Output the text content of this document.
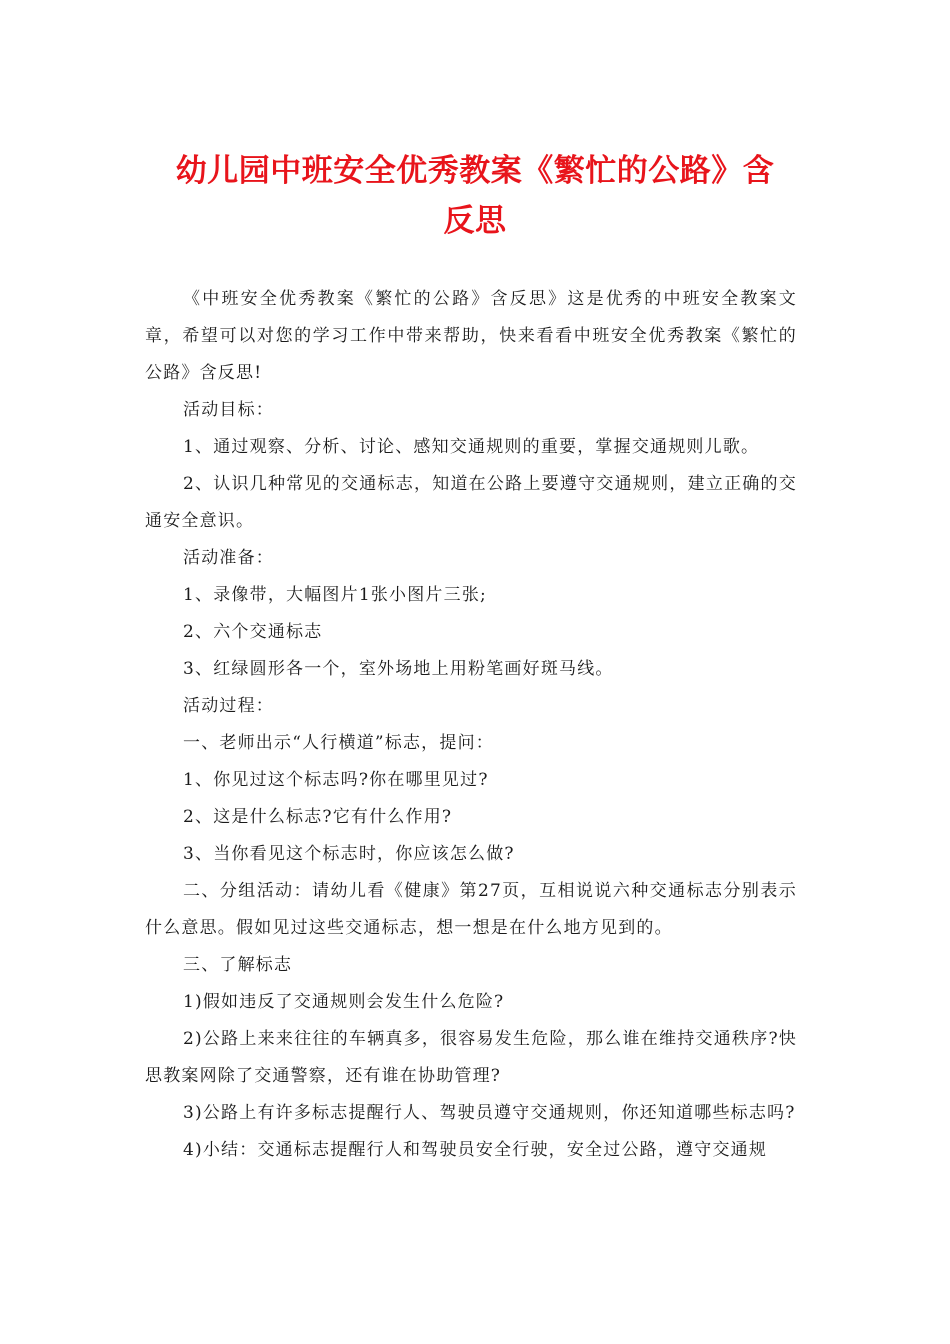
幼儿园中班安全优秀教案《繁忙的公路》含
反思

《中班安全优秀教案《繁忙的公路》含反思》这是优秀的中班安全教案文章，希望可以对您的学习工作中带来帮助，快来看看中班安全优秀教案《繁忙的公路》含反思!

活动目标：

1、通过观察、分析、讨论、感知交通规则的重要，掌握交通规则儿歌。

2、认识几种常见的交通标志，知道在公路上要遵守交通规则，建立正确的交通安全意识。

活动准备：

1、录像带，大幅图片1张小图片三张;

2、六个交通标志

3、红绿圆形各一个，室外场地上用粉笔画好斑马线。

活动过程：

一、老师出示“人行横道”标志，提问：

1、你见过这个标志吗?你在哪里见过?

2、这是什么标志?它有什么作用?

3、当你看见这个标志时，你应该怎么做?

二、分组活动：请幼儿看《健康》第27页，互相说说六种交通标志分别表示什么意思。假如见过这些交通标志，想一想是在什么地方见到的。

三、了解标志

1)假如违反了交通规则会发生什么危险?

2)公路上来来往往的车辆真多，很容易发生危险，那么谁在维持交通秩序?快思教案网除了交通警察，还有谁在协助管理?

3)公路上有许多标志提醒行人、驾驶员遵守交通规则，你还知道哪些标志吗?

4)小结：交通标志提醒行人和驾驶员安全行驶，安全过公路，遵守交通规
